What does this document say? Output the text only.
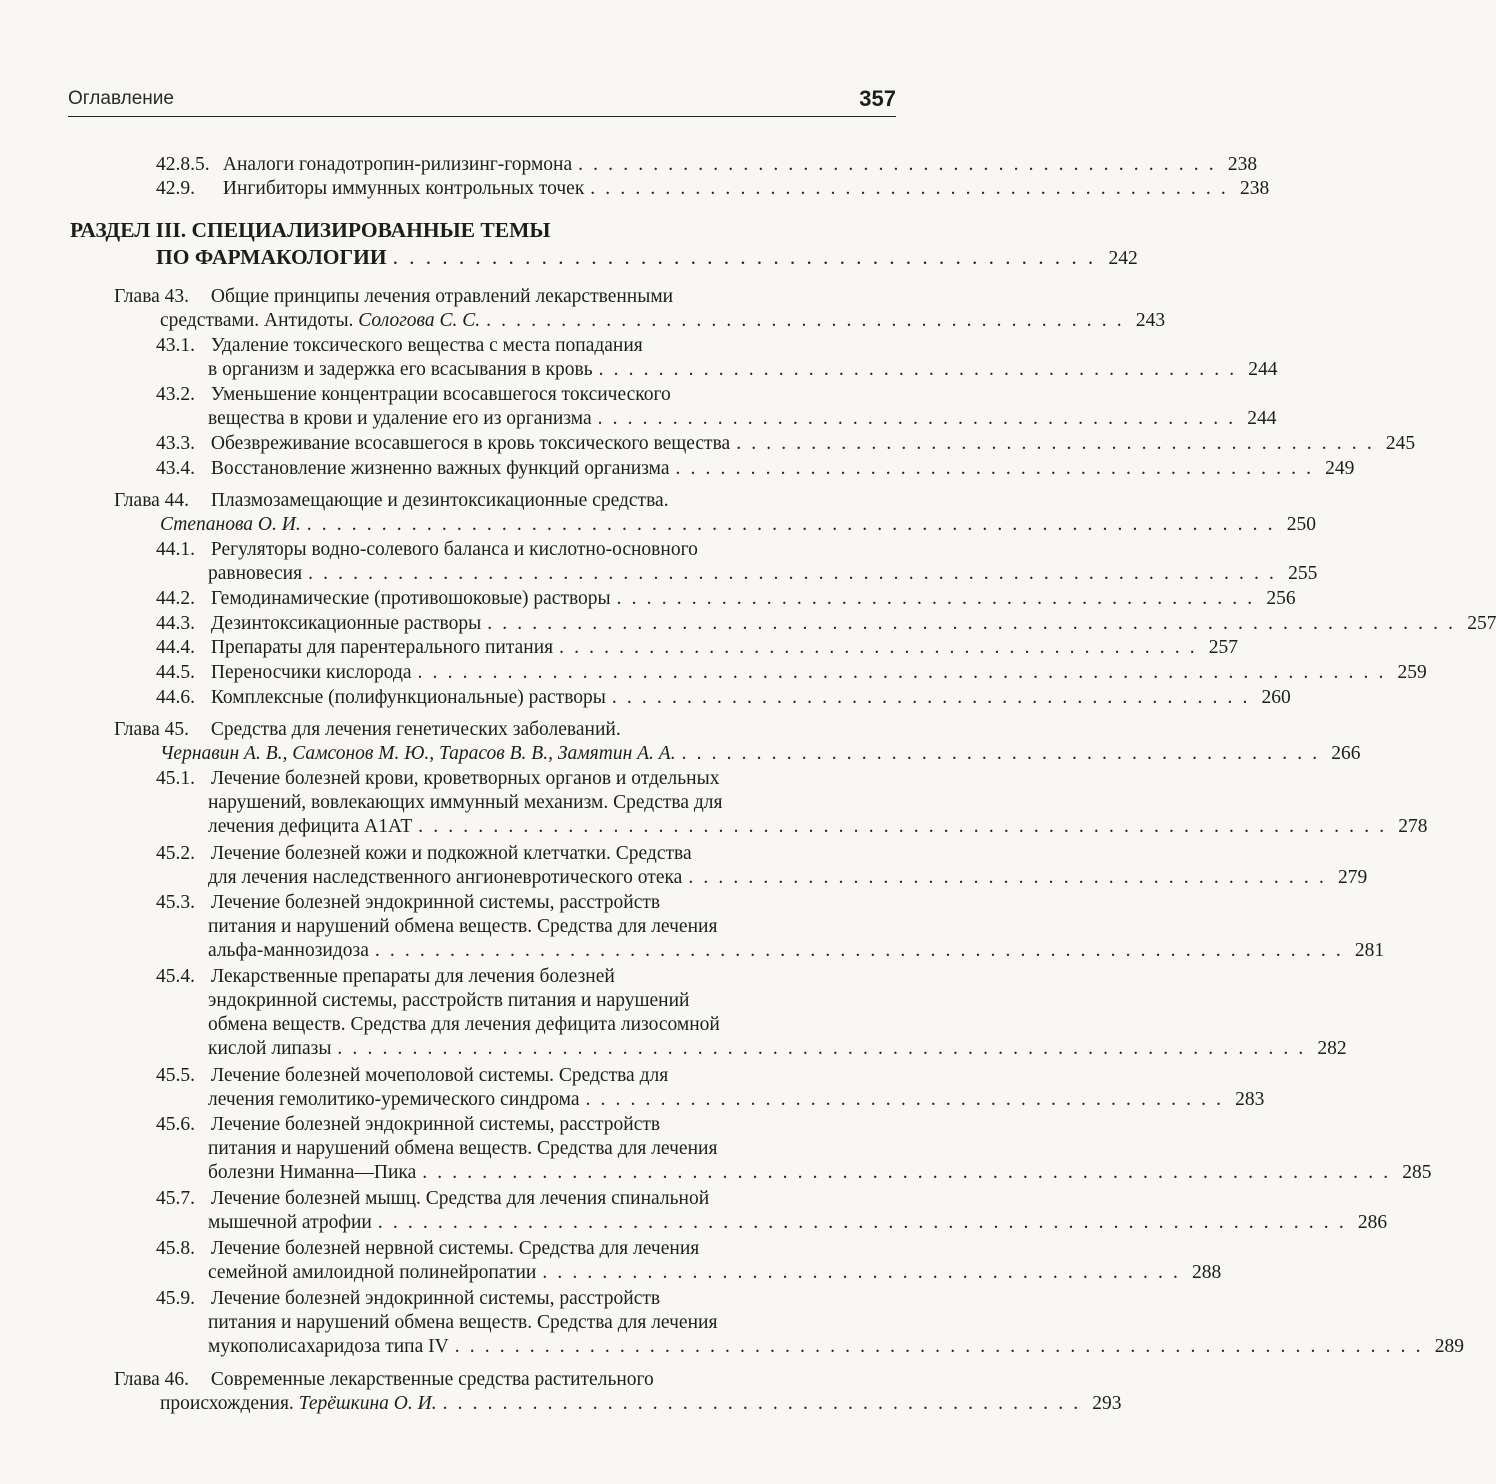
Оглавление	357
42.8.5. Аналоги гонадотропин-рилизинг-гормона ........................................... 238
42.9. Ингибиторы иммунных контрольных точек ........................................... 238
РАЗДЕЛ III. СПЕЦИАЛИЗИРОВАННЫЕ ТЕМЫ
ПО ФАРМАКОЛОГИИ ........................................... 242
Глава 43. Общие принципы лечения отравлений лекарственными
средствами. Антидоты. Сологова С. С. ........................................... 243
43.1. Удаление токсического вещества с места попадания
в организм и задержка его всасывания в кровь ........................................... 244
43.2. Уменьшение концентрации всосавшегося токсического
вещества в крови и удаление его из организма ........................................... 244
43.3. Обезвреживание всосавшегося в кровь токсического вещества ........................................... 245
43.4. Восстановление жизненно важных функций организма ........................................... 249
Глава 44. Плазмозамещающие и дезинтоксикационные средства.
Степанова О. И. ................................................................. 250
44.1. Регуляторы водно-солевого баланса и кислотно-основного
равновесия ................................................................. 255
44.2. Гемодинамические (противошоковые) растворы ........................................... 256
44.3. Дезинтоксикационные растворы ................................................................. 257
44.4. Препараты для парентерального питания ........................................... 257
44.5. Переносчики кислорода ................................................................. 259
44.6. Комплексные (полифункциональные) растворы ........................................... 260
Глава 45. Средства для лечения генетических заболеваний.
Чернавин А. В., Самсонов М. Ю., Тарасов В. В., Замятин А. А. ........................................... 266
45.1. Лечение болезней крови, кроветворных органов и отдельных
нарушений, вовлекающих иммунный механизм. Средства для
лечения дефицита А1АТ ................................................................. 278
45.2. Лечение болезней кожи и подкожной клетчатки. Средства
для лечения наследственного ангионевротического отека ........................................... 279
45.3. Лечение болезней эндокринной системы, расстройств
питания и нарушений обмена веществ. Средства для лечения
альфа-маннозидоза ................................................................. 281
45.4. Лекарственные препараты для лечения болезней
эндокринной системы, расстройств питания и нарушений
обмена веществ. Средства для лечения дефицита лизосомной
кислой липазы ................................................................. 282
45.5. Лечение болезней мочеполовой системы. Средства для
лечения гемолитико-уремического синдрома ........................................... 283
45.6. Лечение болезней эндокринной системы, расстройств
питания и нарушений обмена веществ. Средства для лечения
болезни Ниманна—Пика ................................................................. 285
45.7. Лечение болезней мышц. Средства для лечения спинальной
мышечной атрофии ................................................................. 286
45.8. Лечение болезней нервной системы. Средства для лечения
семейной амилоидной полинейропатии ........................................... 288
45.9. Лечение болезней эндокринной системы, расстройств
питания и нарушений обмена веществ. Средства для лечения
мукополисахаридоза типа IV ................................................................. 289
Глава 46. Современные лекарственные средства растительного
происхождения. Терёшкина О. И. ........................................... 293
